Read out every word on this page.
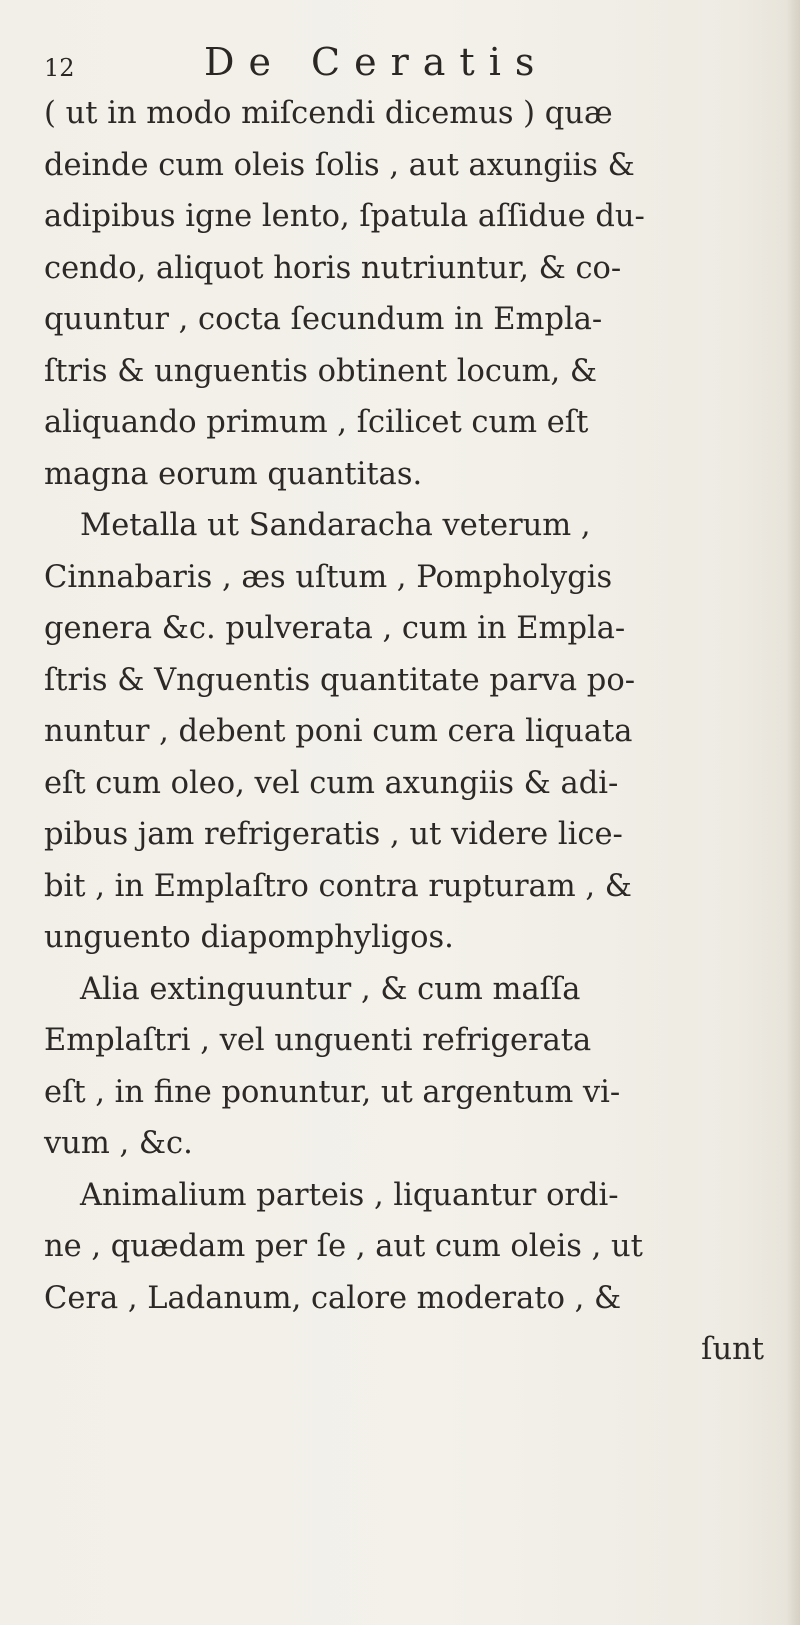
12	De Ceratis
( ut in modo miſcendi dicemus ) quæ
deinde cum oleis ſolis , aut axungiis &
adipibus igne lento, ſpatula aſſidue du-
cendo, aliquot horis nutriuntur, & co-
quuntur , cocta ſecundum in Empla-
ſtris & unguentis obtinent locum, &
aliquando primum , ſcilicet cum eſt
magna eorum quantitas.
Metalla ut Sandaracha veterum ,
Cinnabaris , æs uſtum , Pompholygis
genera &c. pulverata , cum in Empla-
ſtris & Vnguentis quantitate parva po-
nuntur , debent poni cum cera liquata
eſt cum oleo, vel cum axungiis & adi-
pibus jam refrigeratis , ut videre lice-
bit , in Emplaſtro contra rupturam , &
unguento diapomphyligos.
Alia extinguuntur , & cum maſſa
Emplaſtri , vel unguenti refrigerata
eſt , in fine ponuntur, ut argentum vi-
vum , &c.
Animalium parteis , liquantur ordi-
ne , quædam per ſe , aut cum oleis , ut
Cera , Ladanum, calore moderato , &
ſunt
